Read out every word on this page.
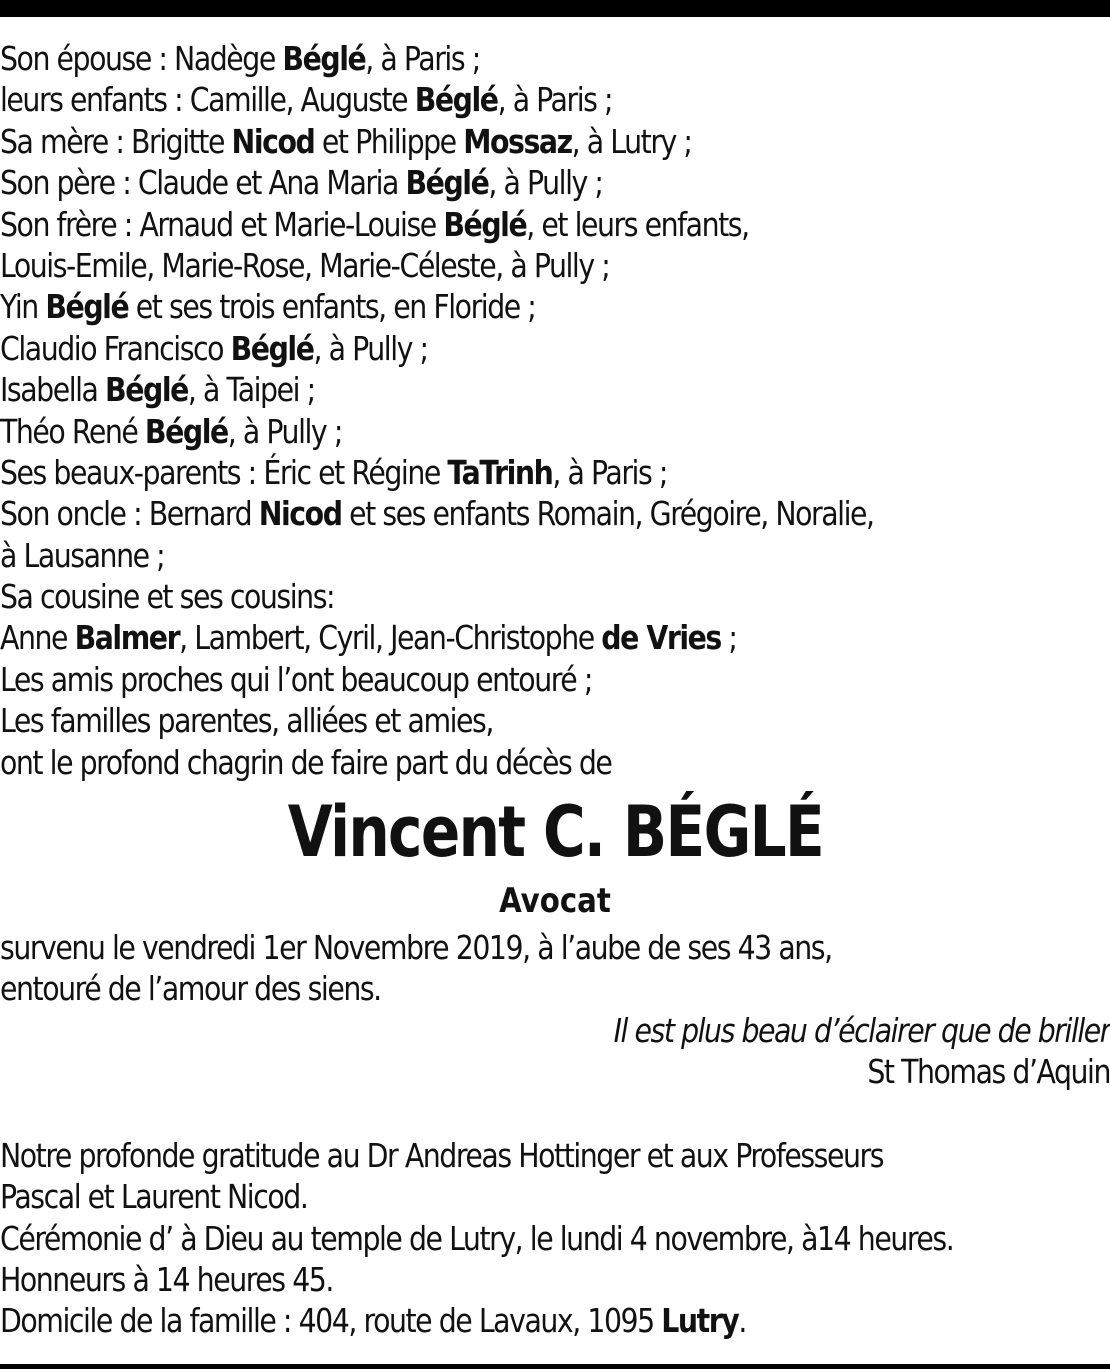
Son épouse : Nadège Béglé, à Paris ;
leurs enfants : Camille, Auguste Béglé, à Paris ;
Sa mère : Brigitte Nicod et Philippe Mossaz, à Lutry ;
Son père : Claude et Ana Maria Béglé, à Pully ;
Son frère : Arnaud et Marie-Louise Béglé, et leurs enfants,
Louis-Emile, Marie-Rose, Marie-Céleste, à Pully ;
Yin Béglé et ses trois enfants, en Floride ;
Claudio Francisco Béglé, à Pully ;
Isabella Béglé, à Taipei ;
Théo René Béglé, à Pully ;
Ses beaux-parents : Éric et Régine TaTrinh, à Paris ;
Son oncle : Bernard Nicod et ses enfants Romain, Grégoire, Noralie,
à Lausanne ;
Sa cousine et ses cousins:
Anne Balmer, Lambert, Cyril, Jean-Christophe de Vries ;
Les amis proches qui l’ont beaucoup entouré ;
Les familles parentes, alliées et amies,
ont le profond chagrin de faire part du décès de
Vincent C. BÉGLÉ
Avocat
survenu le vendredi 1er Novembre 2019, à l’aube de ses 43 ans,
entouré de l’amour des siens.
Il est plus beau d’éclairer que de briller
St Thomas d’Aquin
Notre profonde gratitude au Dr Andreas Hottinger et aux Professeurs
Pascal et Laurent Nicod.
Cérémonie d’ à Dieu au temple de Lutry, le lundi 4 novembre, à14 heures.
Honneurs à 14 heures 45.
Domicile de la famille : 404, route de Lavaux, 1095 Lutry.
